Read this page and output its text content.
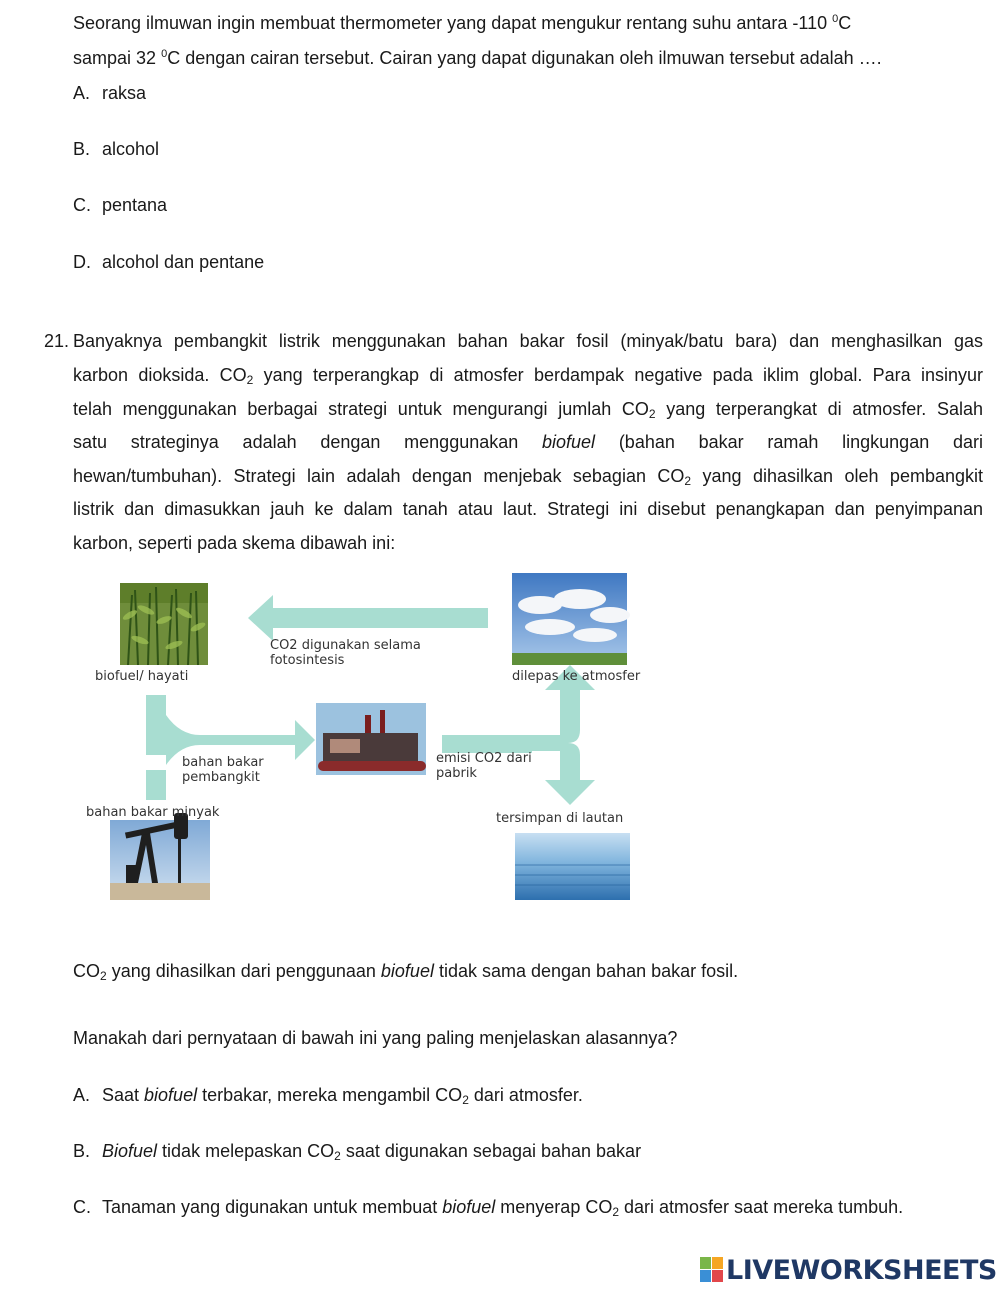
Seorang ilmuwan ingin membuat thermometer yang dapat mengukur rentang suhu antara -110 $^0$C
sampai 32 $^0$C dengan cairan tersebut. Cairan yang dapat digunakan oleh ilmuwan tersebut adalah ….
A. raksa
B. alcohol
C. pentana
D. alcohol dan pentane
21. Banyaknya pembangkit listrik menggunakan bahan bakar fosil (minyak/batu bara) dan menghasilkan gas
karbon dioksida. $CO_2$ yang terperangkap di atmosfer berdampak negative pada iklim global. Para insinyur
telah menggunakan berbagai strategi untuk mengurangi jumlah $CO_2$ yang terperangkat di atmosfer. Salah
satu strateginya adalah dengan menggunakan biofuel (bahan bakar ramah lingkungan dari
hewan/tumbuhan). Strategi lain adalah dengan menjebak sebagian $CO_2$ yang dihasilkan oleh pembangkit
listrik dan dimasukkan jauh ke dalam tanah atau laut. Strategi ini disebut penangkapan dan penyimpanan
karbon, seperti pada skema dibawah ini:
CO2 digunakan selama
fotosintesis
biofuel/ hayati	dilepas ke atmosfer
bahan bakar
pembangkit
emisi CO2 dari
pabrik
bahan bakar minyak	tersimpan di lautan
$CO_2$ yang dihasilkan dari penggunaan biofuel tidak sama dengan bahan bakar fosil.
Manakah dari pernyataan di bawah ini yang paling menjelaskan alasannya?
A. Saat biofuel terbakar, mereka mengambil $CO_2$ dari atmosfer.
B. Biofuel tidak melepaskan $CO_2$ saat digunakan sebagai bahan bakar
C. Tanaman yang digunakan untuk membuat biofuel menyerap $CO_2$ dari atmosfer saat mereka tumbuh.
LIVEWORKSHEETS
